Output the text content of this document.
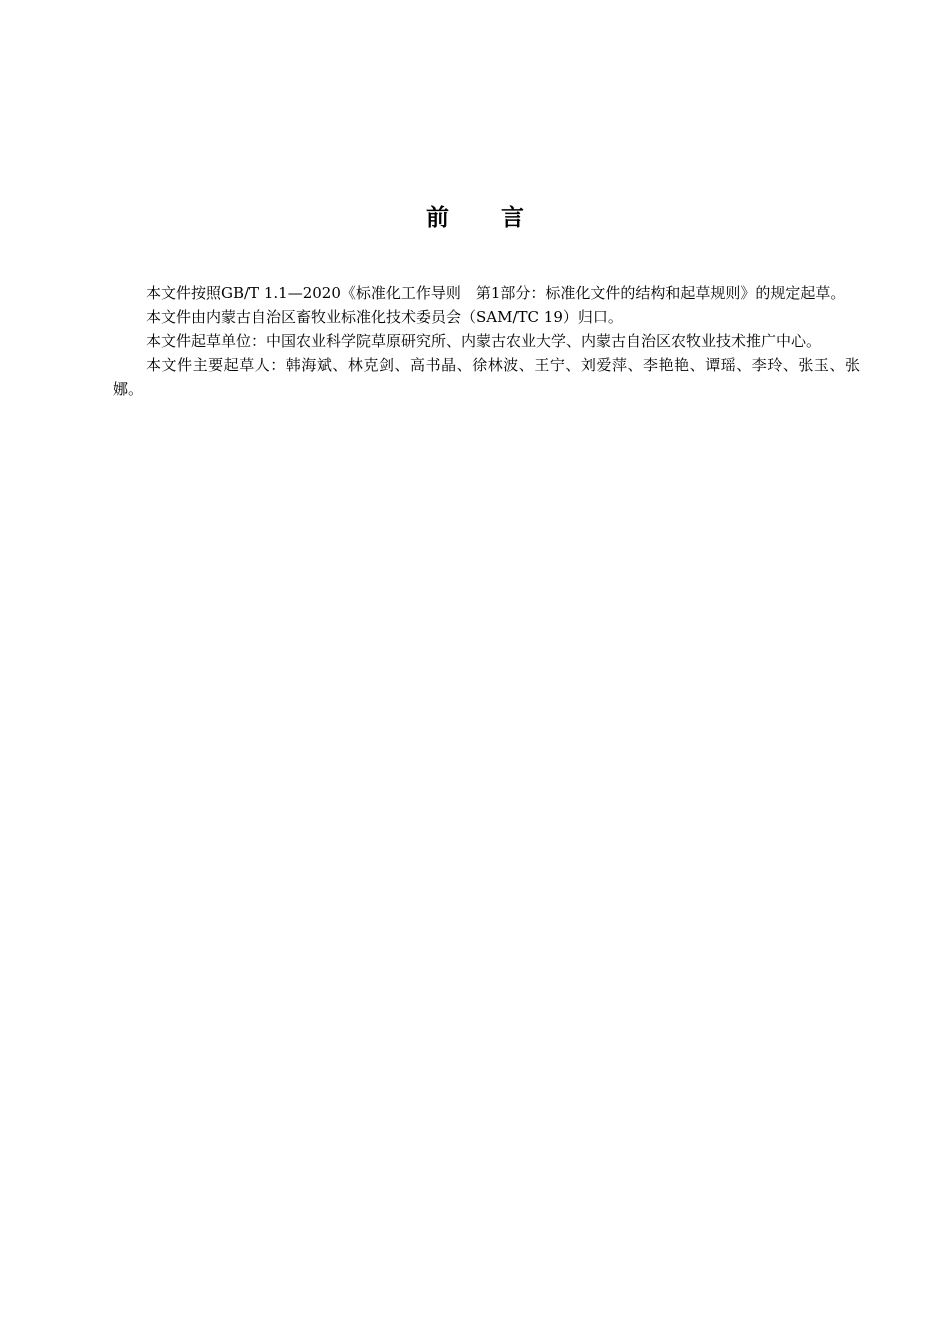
前言

本文件按照GB/T 1.1—2020《标准化工作导则　第1部分：标准化文件的结构和起草规则》的规定起草。

本文件由内蒙古自治区畜牧业标准化技术委员会（SAM/TC 19）归口。

本文件起草单位：中国农业科学院草原研究所、内蒙古农业大学、内蒙古自治区农牧业技术推广中心。

本文件主要起草人：韩海斌、林克剑、高书晶、徐林波、王宁、刘爱萍、李艳艳、谭瑶、李玲、张玉、张娜。
